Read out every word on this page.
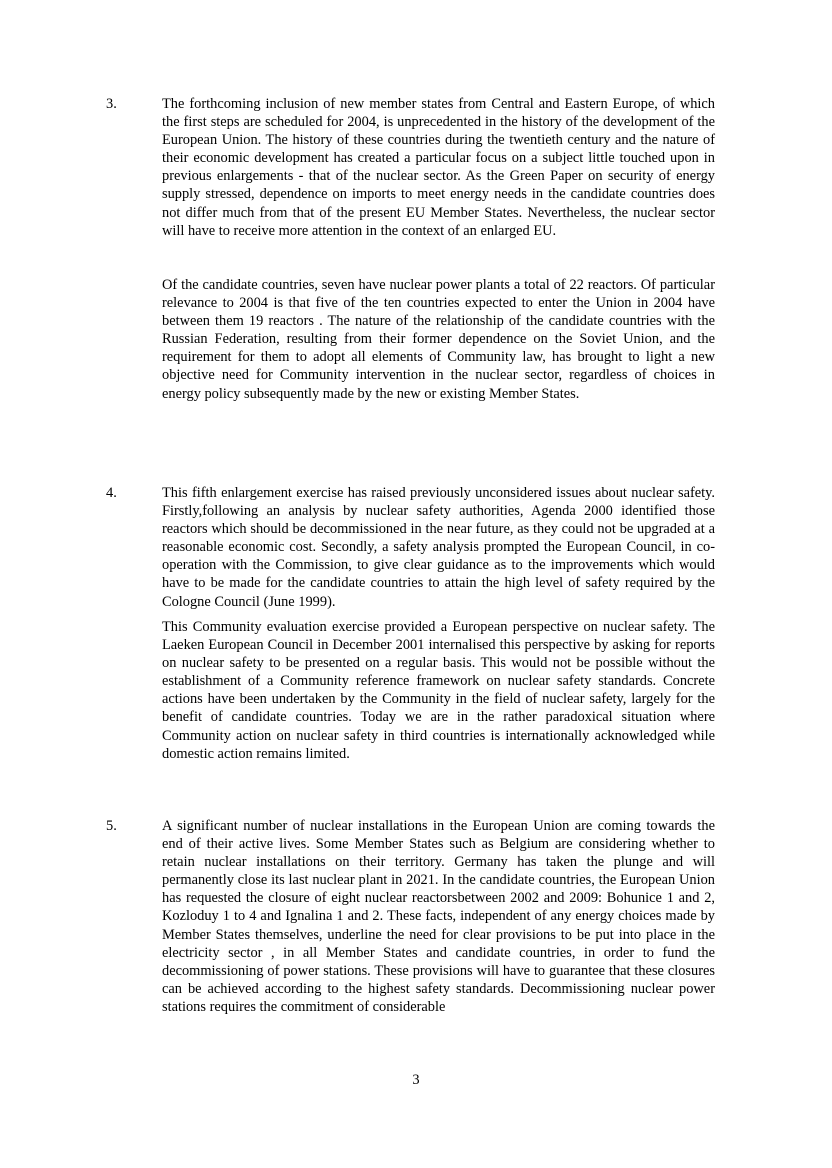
3.	The forthcoming inclusion of new member states from Central and Eastern Europe, of which the first steps are scheduled for 2004, is unprecedented in the history of the development of the European Union. The history of these countries during the twentieth century and the nature of their economic development has created a particular focus on a subject little touched upon in previous enlargements - that of the nuclear sector. As the Green Paper on security of energy supply stressed, dependence on imports to meet energy needs in the candidate countries does not differ much from that of the present EU Member States. Nevertheless, the nuclear sector will have to receive more attention in the context of an enlarged EU.

Of the candidate countries, seven have nuclear power plants a total of 22 reactors. Of particular relevance to 2004 is that five of the ten countries expected to enter the Union in 2004 have between them 19 reactors . The nature of the relationship of the candidate countries with the Russian Federation, resulting from their former dependence on the Soviet Union, and the requirement for them to adopt all elements of Community law, has brought to light a new objective need for Community intervention in the nuclear sector, regardless of choices in energy policy subsequently made by the new or existing Member States.

4.	This fifth enlargement exercise has raised previously unconsidered issues about nuclear safety. Firstly,following an analysis by nuclear safety authorities, Agenda 2000 identified those reactors which should be decommissioned in the near future, as they could not be upgraded at a reasonable economic cost. Secondly, a safety analysis prompted the European Council, in co-operation with the Commission, to give clear guidance as to the improvements which would have to be made for the candidate countries to attain the high level of safety required by the Cologne Council (June 1999).

This Community evaluation exercise provided a European perspective on nuclear safety. The Laeken European Council in December 2001 internalised this perspective by asking for reports on nuclear safety to be presented on a regular basis. This would not be possible without the establishment of a Community reference framework on nuclear safety standards. Concrete actions have been undertaken by the Community in the field of nuclear safety, largely for the benefit of candidate countries. Today we are in the rather paradoxical situation where Community action on nuclear safety in third countries is internationally acknowledged while domestic action remains limited.

5.	A significant number of nuclear installations in the European Union are coming towards the end of their active lives. Some Member States such as Belgium are considering whether to retain nuclear installations on their territory. Germany has taken the plunge and will permanently close its last nuclear plant in 2021. In the candidate countries, the European Union has requested the closure of eight nuclear reactorsbetween 2002 and 2009: Bohunice 1 and 2, Kozloduy 1 to 4 and Ignalina 1 and 2. These facts, independent of any energy choices made by Member States themselves, underline the need for clear provisions to be put into place in the electricity sector , in all Member States and candidate countries, in order to fund the decommissioning of power stations. These provisions will have to guarantee that these closures can be achieved according to the highest safety standards. Decommissioning nuclear power stations requires the commitment of considerable

3
